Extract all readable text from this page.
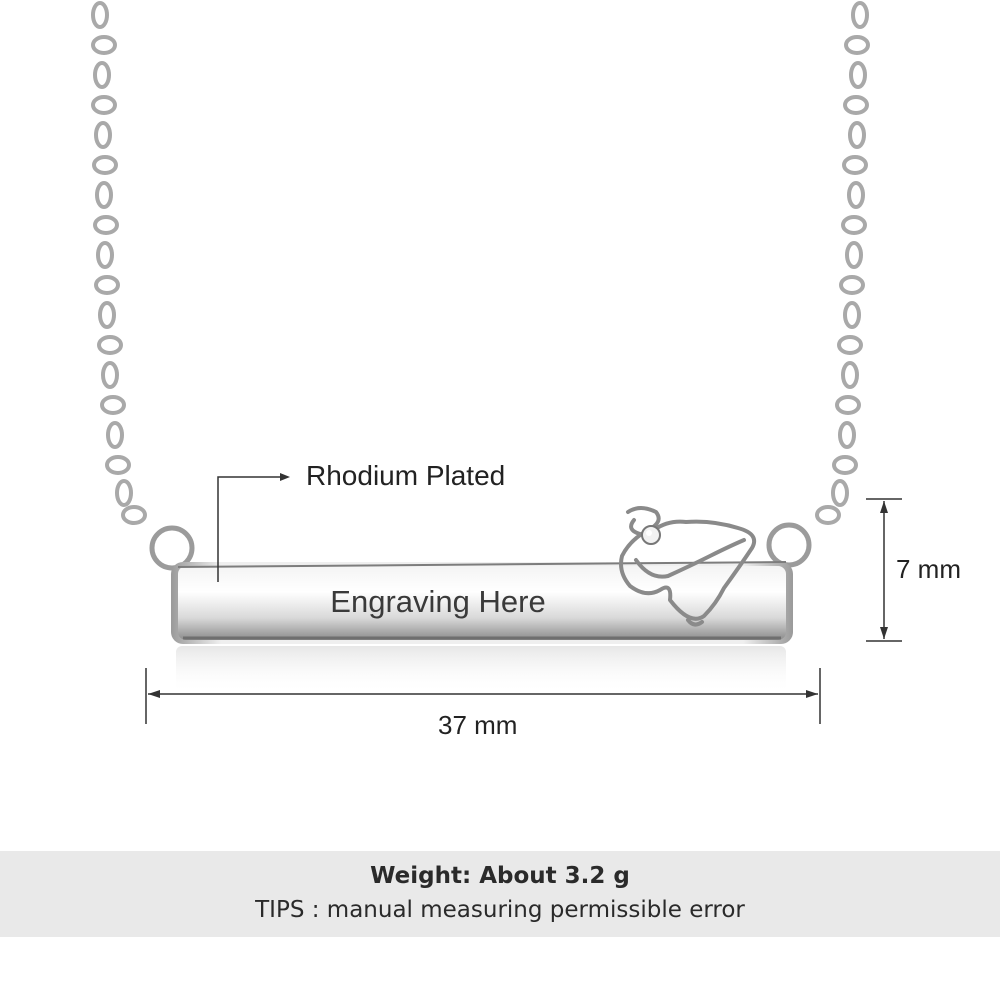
Engraving Here
Rhodium Plated
37 mm
7 mm
Weight: About 3.2 g
TIPS : manual measuring permissible error
